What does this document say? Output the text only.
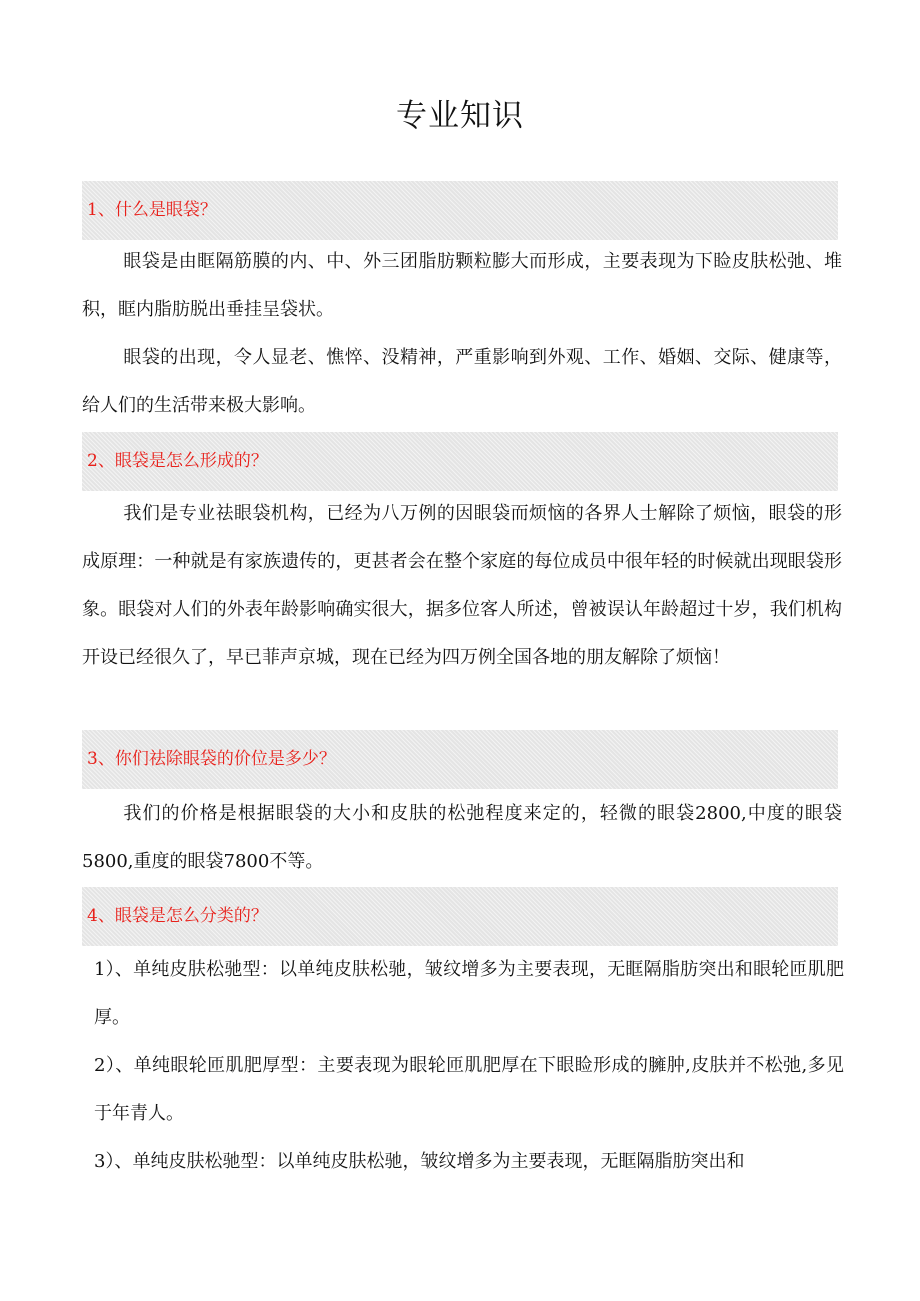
专业知识
1、什么是眼袋？

眼袋是由眶隔筋膜的内、中、外三团脂肪颗粒膨大而形成，主要表现为下睑皮肤松弛、堆积，眶内脂肪脱出垂挂呈袋状。

眼袋的出现，令人显老、憔悴、没精神，严重影响到外观、工作、婚姻、交际、健康等，给人们的生活带来极大影响。

2、眼袋是怎么形成的？

我们是专业祛眼袋机构，已经为八万例的因眼袋而烦恼的各界人士解除了烦恼，眼袋的形成原理：一种就是有家族遗传的，更甚者会在整个家庭的每位成员中很年轻的时候就出现眼袋形象。眼袋对人们的外表年龄影响确实很大，据多位客人所述，曾被误认年龄超过十岁，我们机构开设已经很久了，早已菲声京城，现在已经为四万例全国各地的朋友解除了烦恼！

3、你们祛除眼袋的价位是多少？

我们的价格是根据眼袋的大小和皮肤的松弛程度来定的，轻微的眼袋2800,中度的眼袋5800,重度的眼袋7800不等。

4、眼袋是怎么分类的？

1）、单纯皮肤松驰型：以单纯皮肤松驰，皱纹增多为主要表现，无眶隔脂肪突出和眼轮匝肌肥厚。

2）、单纯眼轮匝肌肥厚型：主要表现为眼轮匝肌肥厚在下眼睑形成的臃肿,皮肤并不松弛,多见于年青人。

3）、单纯皮肤松驰型：以单纯皮肤松驰，皱纹增多为主要表现，无眶隔脂肪突出和
